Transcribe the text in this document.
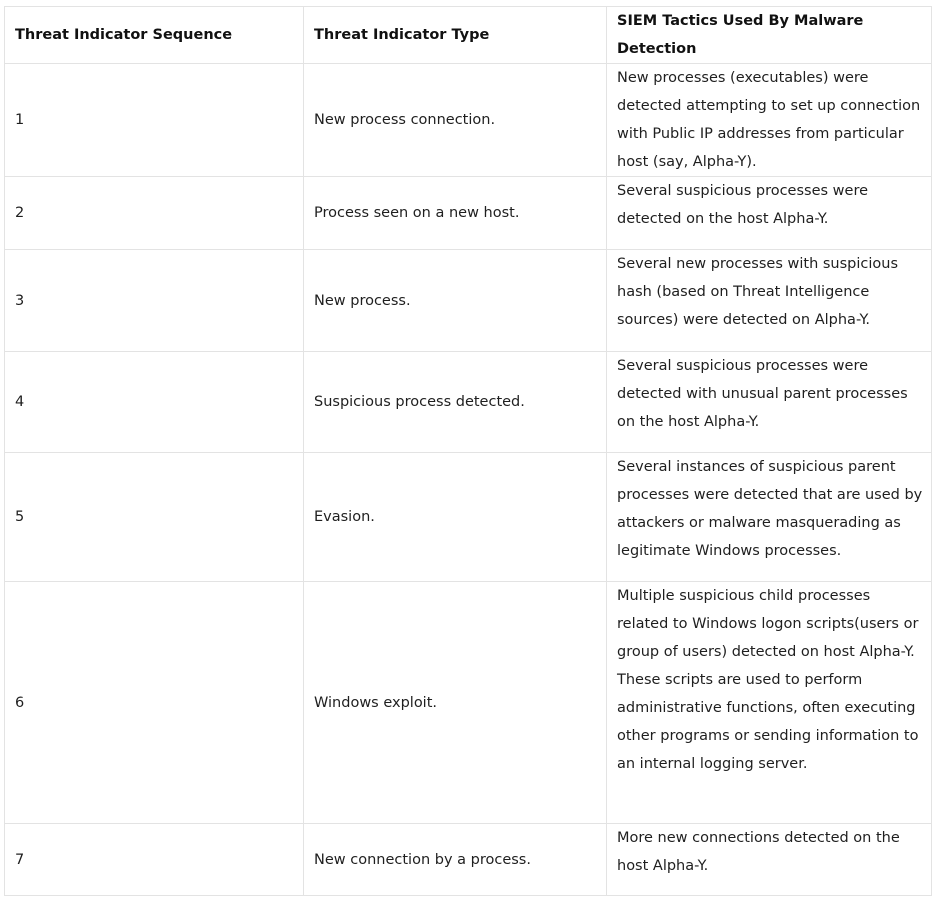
Threat Indicator Sequence	Threat Indicator Type	SIEM Tactics Used By Malware Detection
1	New process connection.	New processes (executables) were detected attempting to set up connection with Public IP addresses from particular host (say, Alpha-Y).
2	Process seen on a new host.	Several suspicious processes were detected on the host Alpha-Y.
3	New process.	Several new processes with suspicious hash (based on Threat Intelligence sources) were detected on Alpha-Y.
4	Suspicious process detected.	Several suspicious processes were detected with unusual parent processes on the host Alpha-Y.
5	Evasion.	Several instances of suspicious parent processes were detected that are used by attackers or malware masquerading as legitimate Windows processes.
6	Windows exploit.	Multiple suspicious child processes related to Windows logon scripts(users or group of users) detected on host Alpha-Y. These scripts are used to perform administrative functions, often executing other programs or sending information to an internal logging server.
7	New connection by a process.	More new connections detected on the host Alpha-Y.
